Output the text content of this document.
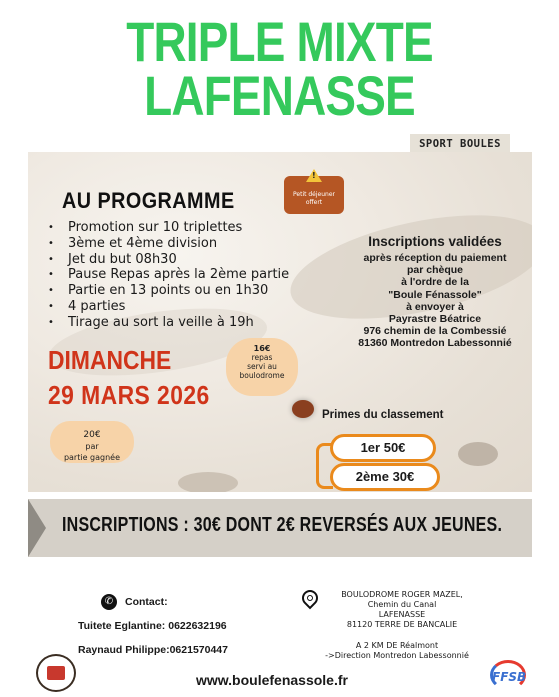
TRIPLE MIXTE
LAFENASSE
SPORT BOULES
AU PROGRAMME
•	Promotion sur 10 triplettes
•	3ème et 4ème division
•	Jet du but 08h30
•	Pause Repas après la 2ème partie
•	Partie en 13 points ou en 1h30
•	4 parties
•	Tirage au sort la veille à 19h
!
Petit déjeuner
offert
Inscriptions validées
après réception du paiement
par chèque
à l'ordre de la
"Boule Fénassole"
à envoyer à
Payrastre Béatrice
976 chemin de la Combessié
81360 Montredon Labessonnié
DIMANCHE
29 MARS 2026
16€
repas
servi au
boulodrome
20€
par
partie gagnée
Primes du classement
1er 50€
2ème 30€
INSCRIPTIONS : 30€ DONT 2€ REVERSÉS AUX JEUNES.
✆	Contact:
Tuitete Eglantine: 0622632196
Raynaud Philippe:0621570447
BOULODROME ROGER MAZEL,
Chemin du Canal
LAFENASSE
81120 TERRE DE BANCALIE
A 2 KM DE Réalmont
->Direction Montredon Labessonnié
www.boulefenassole.fr	FFSB
